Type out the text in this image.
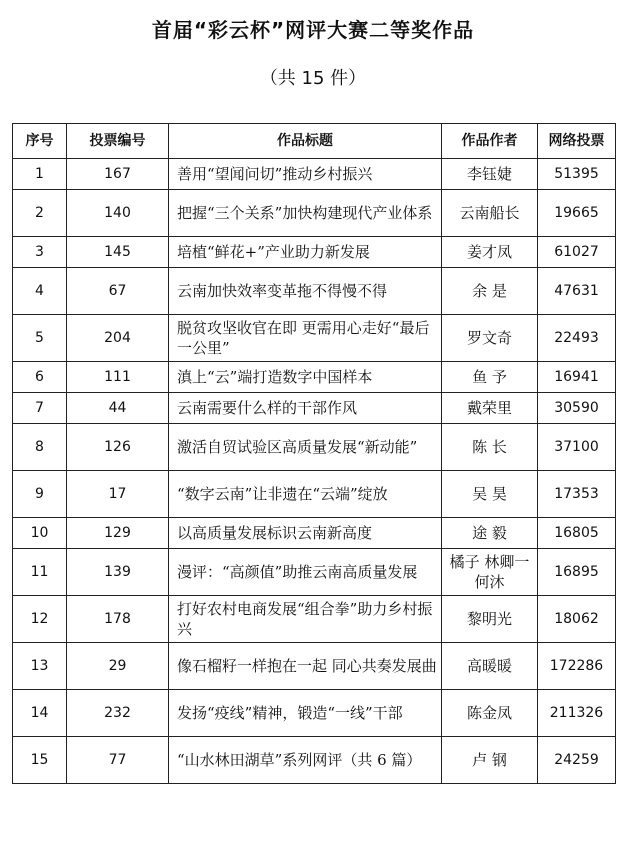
首届“彩云杯”网评大赛二等奖作品
（共 15 件）
序号	投票编号	作品标题	作品作者	网络投票
1	167	善用“望闻问切”推动乡村振兴	李钰婕	51395
2	140	把握“三个关系”加快构建现代产业体系	云南船长	19665
3	145	培植“鲜花+”产业助力新发展	姜才凤	61027
4	67	云南加快效率变革拖不得慢不得	余 是	47631
5	204	脱贫攻坚收官在即 更需用心走好“最后一公里”	罗文奇	22493
6	111	滇上“云”端打造数字中国样本	鱼 予	16941
7	44	云南需要什么样的干部作风	戴荣里	30590
8	126	激活自贸试验区高质量发展“新动能”	陈 长	37100
9	17	“数字云南”让非遗在“云端”绽放	吴 昊	17353
10	129	以高质量发展标识云南新高度	途 毅	16805
11	139	漫评：“高颜值”助推云南高质量发展	橘子 林卿一何沐	16895
12	178	打好农村电商发展“组合拳”助力乡村振兴	黎明光	18062
13	29	像石榴籽一样抱在一起 同心共奏发展曲	高暖暖	172286
14	232	发扬“疫线”精神，锻造“一线”干部	陈金凤	211326
15	77	“山水林田湖草”系列网评（共 6 篇）	卢 钢	24259
